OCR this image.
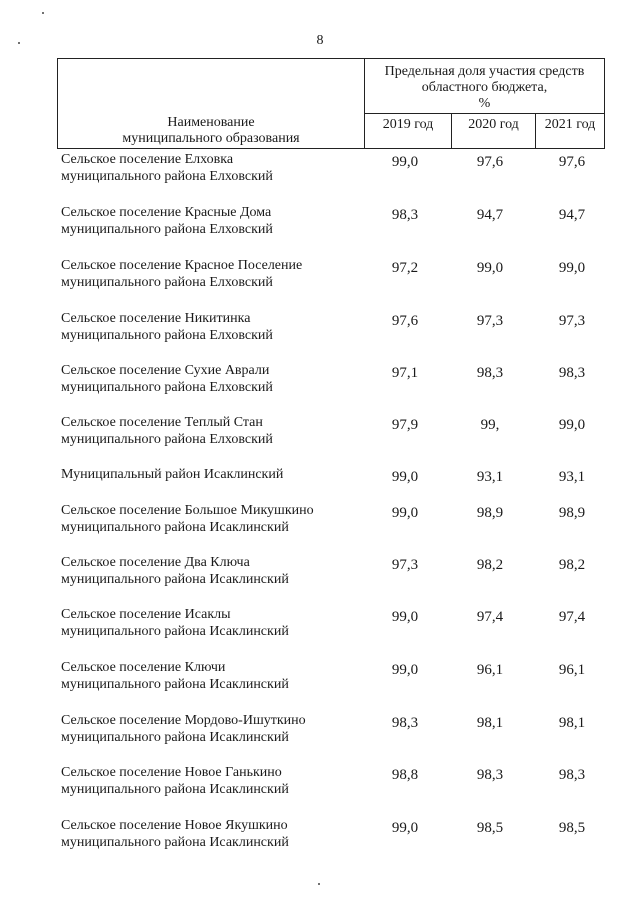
8
Наименование
муниципального образования
Предельная доля участия средств
областного бюджета,
%
2019 год	2020 год	2021 год
Сельское поселение Елховка
муниципального района Елховский
99,0	97,6	97,6
Сельское поселение Красные Дома
муниципального района Елховский
98,3	94,7	94,7
Сельское поселение Красное Поселение
муниципального района Елховский
97,2	99,0	99,0
Сельское поселение Никитинка
муниципального района Елховский
97,6	97,3	97,3
Сельское поселение Сухие Аврали
муниципального района Елховский
97,1	98,3	98,3
Сельское поселение Теплый Стан
муниципального района Елховский
97,9	99,	99,0
Муниципальный район Исаклинский	99,0	93,1	93,1
Сельское поселение Большое Микушкино
муниципального района Исаклинский
99,0	98,9	98,9
Сельское поселение Два Ключа
муниципального района Исаклинский
97,3	98,2	98,2
Сельское поселение Исаклы
муниципального района Исаклинский
99,0	97,4	97,4
Сельское поселение Ключи
муниципального района Исаклинский
99,0	96,1	96,1
Сельское поселение Мордово-Ишуткино
муниципального района Исаклинский
98,3	98,1	98,1
Сельское поселение Новое Ганькино
муниципального района Исаклинский
98,8	98,3	98,3
Сельское поселение Новое Якушкино
муниципального района Исаклинский
99,0	98,5	98,5
